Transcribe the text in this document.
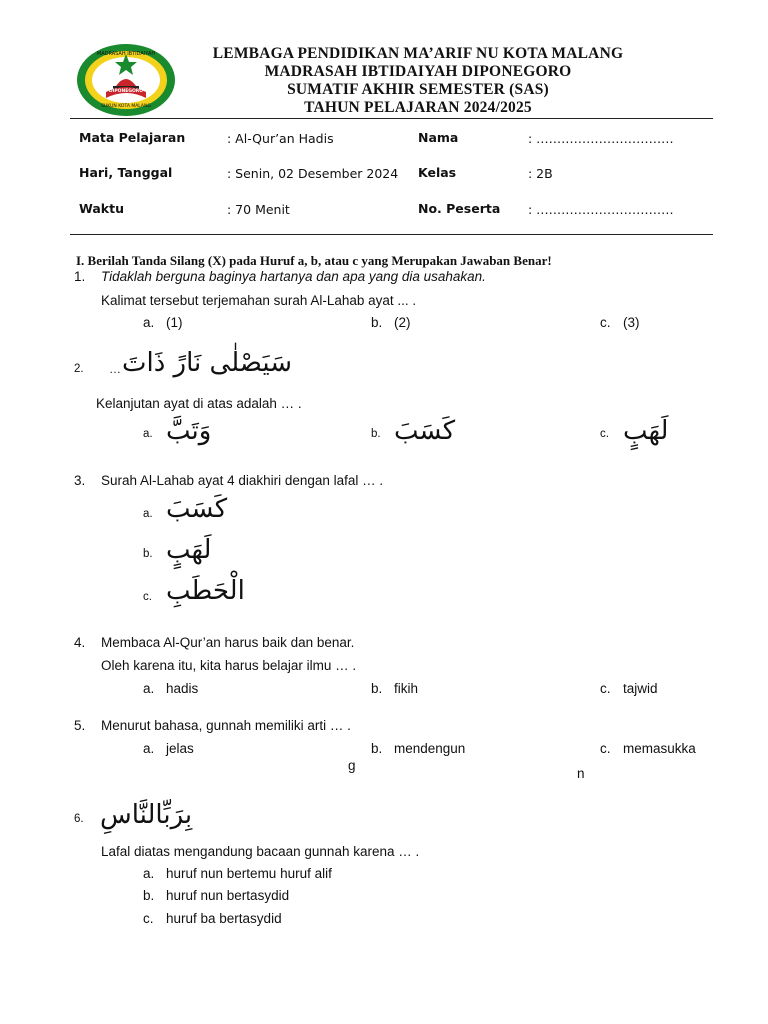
MADRASAH IBTIDAIYAH
DIPONEGORO
SUKUN KOTA MALANG
LEMBAGA PENDIDIKAN MA’ARIF NU KOTA MALANG
MADRASAH IBTIDAIYAH DIPONEGORO
SUMATIF AKHIR SEMESTER (SAS)
TAHUN PELAJARAN 2024/2025
Mata Pelajaran	: Al-Qur’an Hadis	Nama	: ……………………………
Hari, Tanggal	: Senin, 02 Desember 2024 Kelas	: 2B
Waktu	: 70 Menit	No. Peserta : ……………………………
I. Berilah Tanda Silang (X) pada Huruf a, b, atau c yang Merupakan Jawaban Benar!
1. Tidaklah berguna baginya hartanya dan apa yang dia usahakan.
Kalimat tersebut terjemahan surah Al-Lahab ayat ... .
a. (1)	b. (2)	c. (3)
2. … سَيَصْلٰى نَارً ذَاتَ
Kelanjutan ayat di atas adalah … .
a. وَتَبَّ	b. كَسَبَ	c. لَهَبٍ
3. Surah Al-Lahab ayat 4 diakhiri dengan lafal … .
a. كَسَبَ
b. لَهَبٍ
c. الْحَطَبِ
4. Membaca Al-Qur’an harus baik dan benar.
Oleh karena itu, kita harus belajar ilmu … .
a. hadis	b. fikih	c. tajwid
5. Menurut bahasa, gunnah memiliki arti … .
a. jelas	b. mendengun
g
c. memasukka
n
6. بِرَبِّالنَّاسِ
Lafal diatas mengandung bacaan gunnah karena … .
a. huruf nun bertemu huruf alif
b. huruf nun bertasydid
c. huruf ba bertasydid
